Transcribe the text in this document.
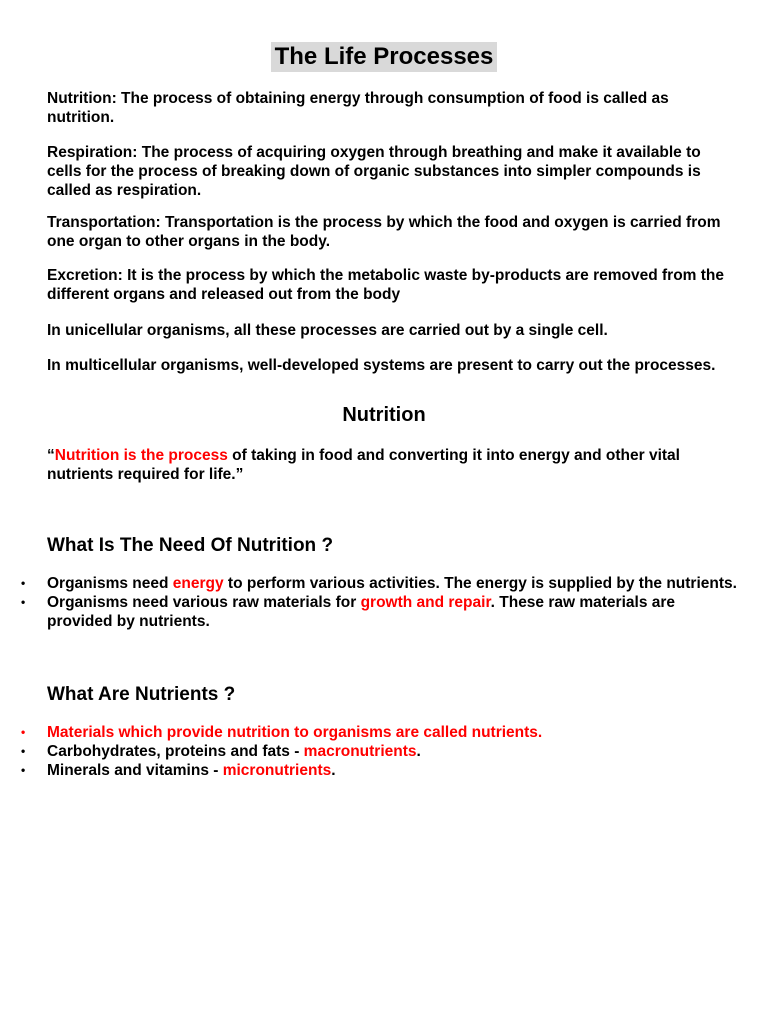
The Life Processes

Nutrition: The process of obtaining energy through consumption of food is called as nutrition.

Respiration: The process of acquiring oxygen through breathing and make it available to cells for the process of breaking down of organic substances into simpler compounds is called as respiration.

Transportation: Transportation is the process by which the food and oxygen is carried from one organ to other organs in the body.

Excretion: It is the process by which the metabolic waste by-products are removed from the different organs and released out from the body

In unicellular organisms, all these processes are carried out by a single cell.

In multicellular organisms, well-developed systems are present to carry out the processes.

Nutrition

“Nutrition is the process of taking in food and converting it into energy and other vital nutrients required for life.”

What Is The Need Of Nutrition ?
• Organisms need energy to perform various activities. The energy is supplied by the nutrients.
• Organisms need various raw materials for growth and repair. These raw materials are provided by nutrients.
What Are Nutrients ?
• Materials which provide nutrition to organisms are called nutrients.
• Carbohydrates, proteins and fats - macronutrients.
• Minerals and vitamins - micronutrients.
